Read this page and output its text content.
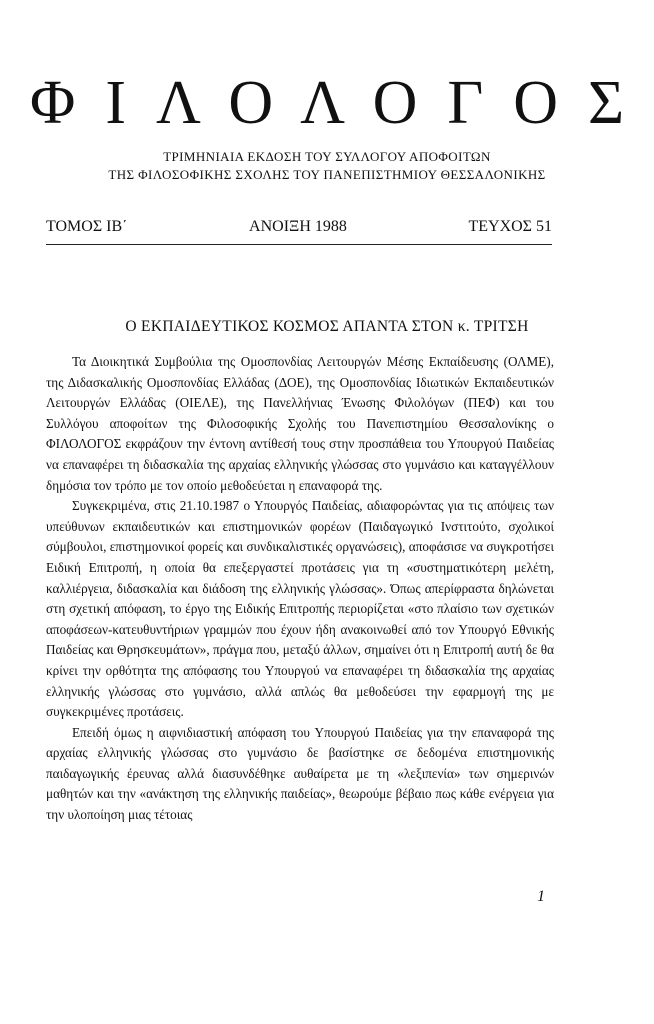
ΦΙΛΟΛΟΓΟΣ
ΤΡΙΜΗΝΙΑΙΑ ΕΚΔΟΣΗ ΤΟΥ ΣΥΛΛΟΓΟΥ ΑΠΟΦΟΙΤΩΝ
ΤΗΣ ΦΙΛΟΣΟΦΙΚΗΣ ΣΧΟΛΗΣ ΤΟΥ ΠΑΝΕΠΙΣΤΗΜΙΟΥ ΘΕΣΣΑΛΟΝΙΚΗΣ
ΤΟΜΟΣ ΙΒ΄	ΑΝΟΙΞΗ 1988	ΤΕΥΧΟΣ 51
Ο ΕΚΠΑΙΔΕΥΤΙΚΟΣ ΚΟΣΜΟΣ ΑΠΑΝΤΑ ΣΤΟΝ κ. ΤΡΙΤΣΗ

Τα Διοικητικά Συμβούλια της Ομοσπονδίας Λειτουργών Μέσης Εκπαίδευσης (ΟΛΜΕ), της Διδασκαλικής Ομοσπονδίας Ελλάδας (ΔΟΕ), της Ομοσπονδίας Ιδιωτικών Εκπαιδευτικών Λειτουργών Ελλάδας (ΟΙΕΛΕ), της Πανελλήνιας Ένωσης Φιλολόγων (ΠΕΦ) και του Συλλόγου αποφοίτων της Φιλοσοφικής Σχολής του Πανεπιστημίου Θεσσαλονίκης ο ΦΙΛΟΛΟΓΟΣ εκφράζουν την έντονη αντίθεσή τους στην προσπάθεια του Υπουργού Παιδείας να επαναφέρει τη διδασκαλία της αρχαίας ελληνικής γλώσσας στο γυμνάσιο και καταγγέλλουν δημόσια τον τρόπο με τον οποίο μεθοδεύεται η επαναφορά της.

Συγκεκριμένα, στις 21.10.1987 ο Υπουργός Παιδείας, αδιαφορώντας για τις απόψεις των υπεύθυνων εκπαιδευτικών και επιστημονικών φορέων (Παιδαγωγικό Ινστιτούτο, σχολικοί σύμβουλοι, επιστημονικοί φορείς και συνδικαλιστικές οργανώσεις), αποφάσισε να συγκροτήσει Ειδική Επιτροπή, η οποία θα επεξεργαστεί προτάσεις για τη «συστηματικότερη μελέτη, καλλιέργεια, διδασκαλία και διάδοση της ελληνικής γλώσσας». Όπως απερίφραστα δηλώνεται στη σχετική απόφαση, το έργο της Ειδικής Επιτροπής περιορίζεται «στο πλαίσιο των σχετικών αποφάσεων-κατευθυντήριων γραμμών που έχουν ήδη ανακοινωθεί από τον Υπουργό Εθνικής Παιδείας και Θρησκευμάτων», πράγμα που, μεταξύ άλλων, σημαίνει ότι η Επιτροπή αυτή δε θα κρίνει την ορθότητα της απόφασης του Υπουργού να επαναφέρει τη διδασκαλία της αρχαίας ελληνικής γλώσσας στο γυμνάσιο, αλλά απλώς θα μεθοδεύσει την εφαρμογή της με συγκεκριμένες προτάσεις.

Επειδή όμως η αιφνιδιαστική απόφαση του Υπουργού Παιδείας για την επαναφορά της αρχαίας ελληνικής γλώσσας στο γυμνάσιο δε βασίστηκε σε δεδομένα επιστημονικής παιδαγωγικής έρευνας αλλά διασυνδέθηκε αυθαίρετα με τη «λεξιπενία» των σημερινών μαθητών και την «ανάκτηση της ελληνικής παιδείας», θεωρούμε βέβαιο πως κάθε ενέργεια για την υλοποίηση μιας τέτοιας

1
